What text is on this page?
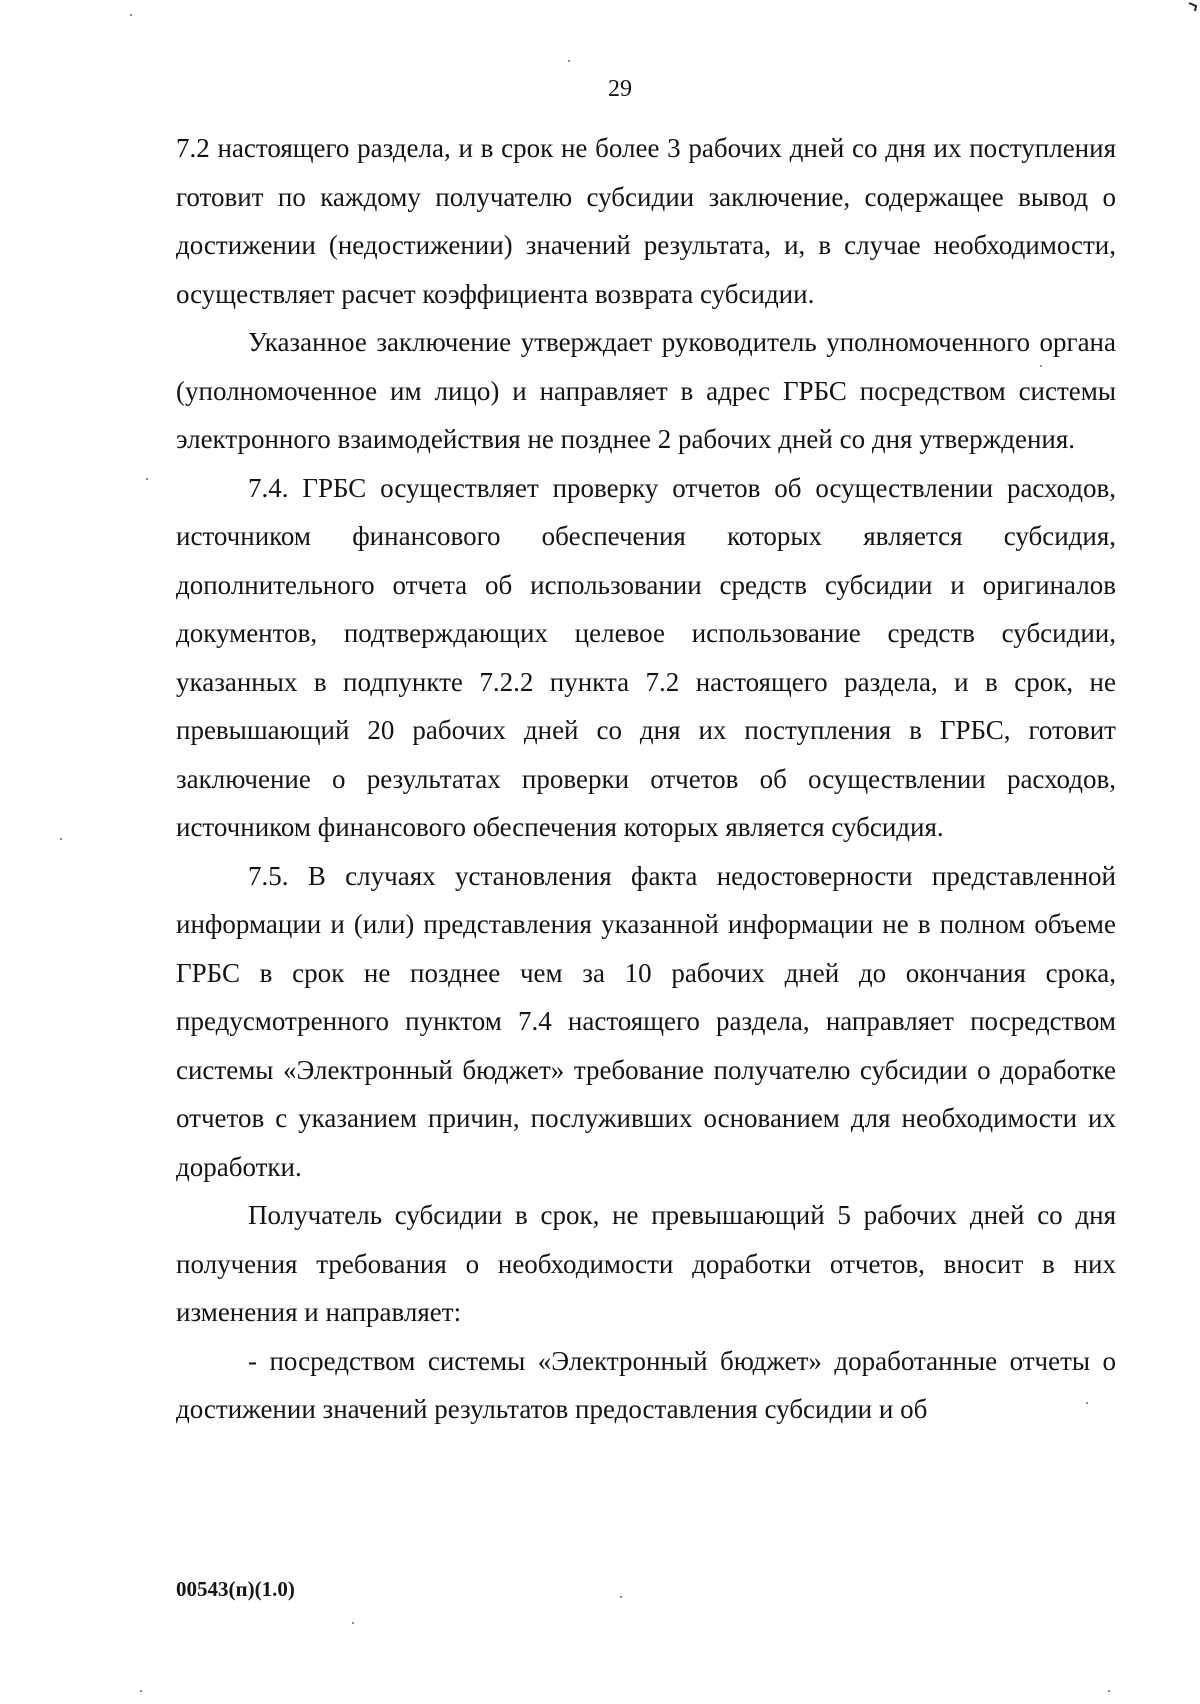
29

7.2 настоящего раздела, и в срок не более 3 рабочих дней со дня их поступления готовит по каждому получателю субсидии заключение, содержащее вывод о достижении (недостижении) значений результата, и, в случае необходимости, осуществляет расчет коэффициента возврата субсидии.

Указанное заключение утверждает руководитель уполномоченного органа (уполномоченное им лицо) и направляет в адрес ГРБС посредством системы электронного взаимодействия не позднее 2 рабочих дней со дня утверждения.

7.4. ГРБС осуществляет проверку отчетов об осуществлении расходов, источником финансового обеспечения которых является субсидия, дополнительного отчета об использовании средств субсидии и оригиналов документов, подтверждающих целевое использование средств субсидии, указанных в подпункте 7.2.2 пункта 7.2 настоящего раздела, и в срок, не превышающий 20 рабочих дней со дня их поступления в ГРБС, готовит заключение о результатах проверки отчетов об осуществлении расходов, источником финансового обеспечения которых является субсидия.

7.5. В случаях установления факта недостоверности представленной информации и (или) представления указанной информации не в полном объеме ГРБС в срок не позднее чем за 10 рабочих дней до окончания срока, предусмотренного пунктом 7.4 настоящего раздела, направляет посредством системы «Электронный бюджет» требование получателю субсидии о доработке отчетов с указанием причин, послуживших основанием для необходимости их доработки.

Получатель субсидии в срок, не превышающий 5 рабочих дней со дня получения требования о необходимости доработки отчетов, вносит в них изменения и направляет:

- посредством системы «Электронный бюджет» доработанные отчеты о достижении значений результатов предоставления субсидии и об

00543(п)(1.0)
